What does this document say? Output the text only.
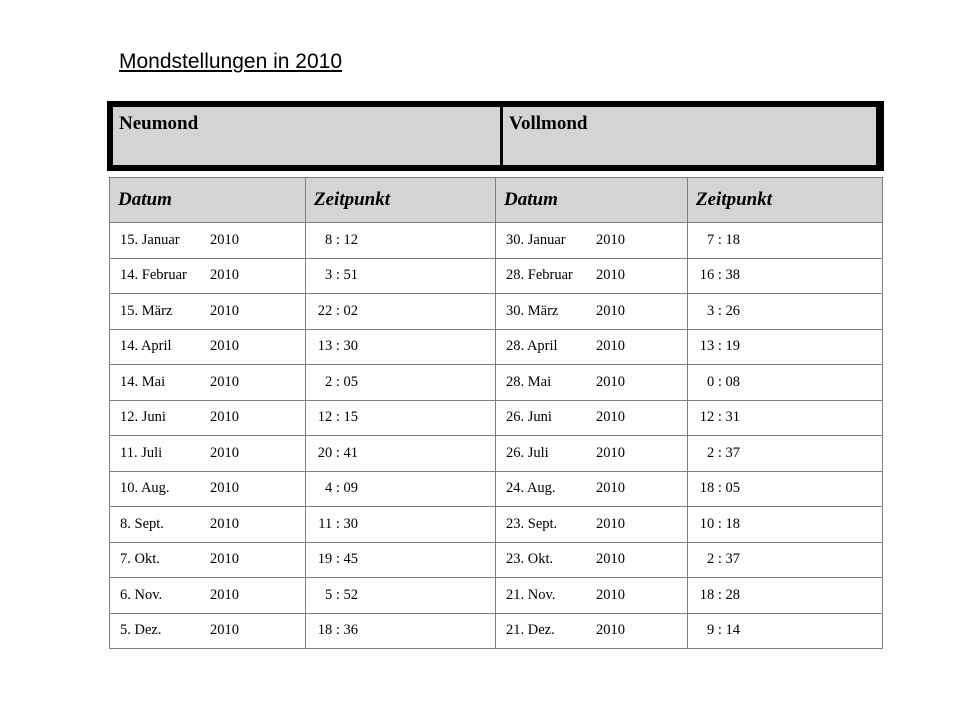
Mondstellungen in 2010
Neumond	Vollmond
Datum	Zeitpunkt	Datum	Zeitpunkt
15. Januar 2010	8 : 12	30. Januar 2010	7 : 18
14. Februar 2010	3 : 51	28. Februar 2010	16 : 38
15. März 2010	22 : 02	30. März 2010	3 : 26
14. April 2010	13 : 30	28. April 2010	13 : 19
14. Mai 2010	2 : 05	28. Mai 2010	0 : 08
12. Juni 2010	12 : 15	26. Juni 2010	12 : 31
11. Juli 2010	20 : 41	26. Juli 2010	2 : 37
10. Aug. 2010	4 : 09	24. Aug. 2010	18 : 05
8. Sept. 2010	11 : 30	23. Sept. 2010	10 : 18
7. Okt. 2010	19 : 45	23. Okt. 2010	2 : 37
6. Nov. 2010	5 : 52	21. Nov. 2010	18 : 28
5. Dez. 2010	18 : 36	21. Dez. 2010	9 : 14
